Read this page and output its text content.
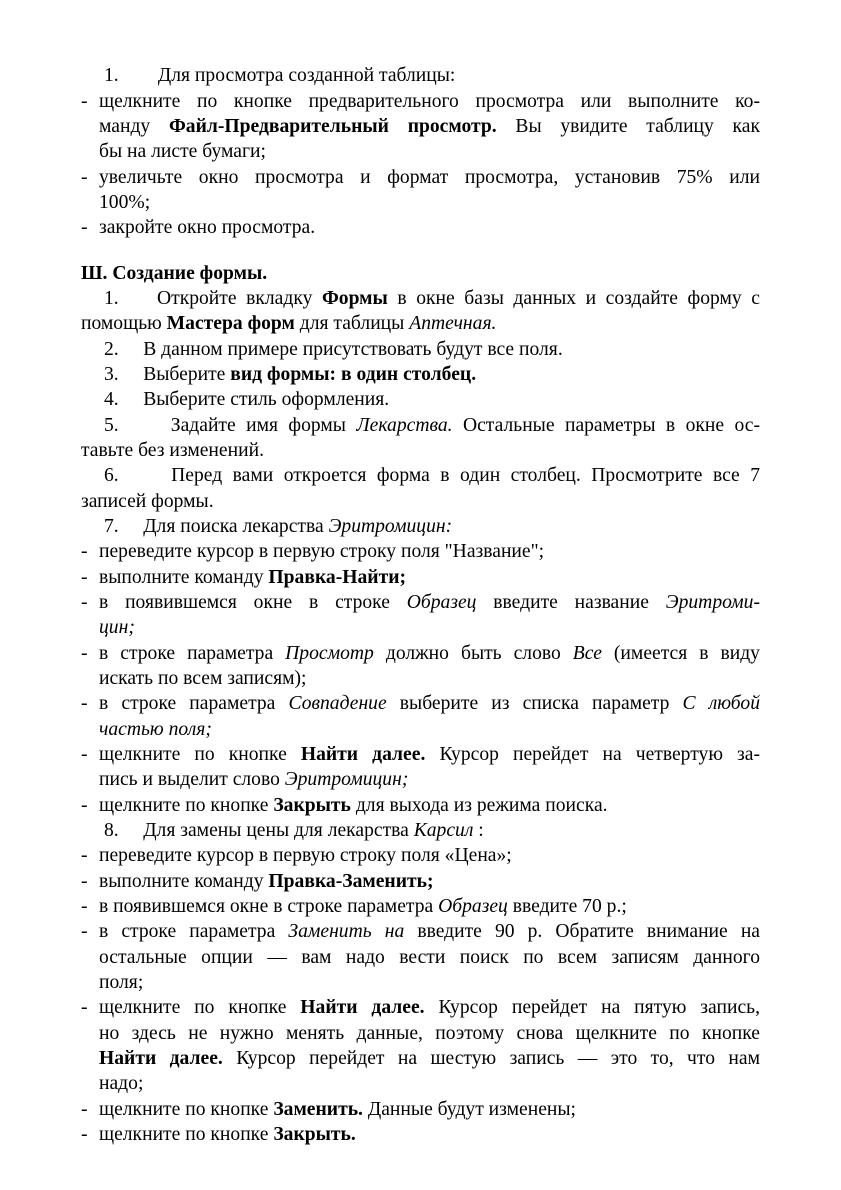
1.        Для просмотра созданной таблицы:
- щелкните по кнопке предварительного просмотра или выполните ко-
манду Файл-Предварительный просмотр. Вы увидите таблицу как
бы на листе бумаги;
- увеличьте окно просмотра и формат просмотра, установив 75% или
100%;
- закройте окно просмотра.
Ш. Создание формы.
1.    Откройте вкладку Формы в окне базы данных и создайте форму с
помощью Мастера форм для таблицы Аптечная.
2.     В данном примере присутствовать будут все поля.
3.     Выберите вид формы: в один столбец.
4.     Выберите стиль оформления.
5.     Задайте имя формы Лекарства. Остальные параметры в окне ос-
тавьте без изменений.
6.     Перед вами откроется форма в один столбец. Просмотрите все 7
записей формы.
7.     Для поиска лекарства Эритромицин:
- переведите курсор в первую строку поля "Название";
- выполните команду Правка-Найти;
- в появившемся окне в строке Образец введите название Эритроми-
цин;
- в строке параметра Просмотр должно быть слово Все (имеется в виду
искать по всем записям);
- в строке параметра Совпадение выберите из списка параметр С любой
частью поля;
- щелкните по кнопке Найти далее. Курсор перейдет на четвертую за-
пись и выделит слово Эритромицин;
- щелкните по кнопке Закрыть для выхода из режима поиска.
8.     Для замены цены для лекарства Карсил :
- переведите курсор в первую строку поля «Цена»;
- выполните команду Правка-Заменить;
- в появившемся окне в строке параметра Образец введите 70 р.;
- в строке параметра Заменить на введите 90 р. Обратите внимание на
остальные опции — вам надо вести поиск по всем записям данного
поля;
- щелкните по кнопке Найти далее. Курсор перейдет на пятую запись,
но здесь не нужно менять данные, поэтому снова щелкните по кнопке
Найти далее. Курсор перейдет на шестую запись — это то, что нам
надо;
- щелкните по кнопке Заменить. Данные будут изменены;
- щелкните по кнопке Закрыть.
